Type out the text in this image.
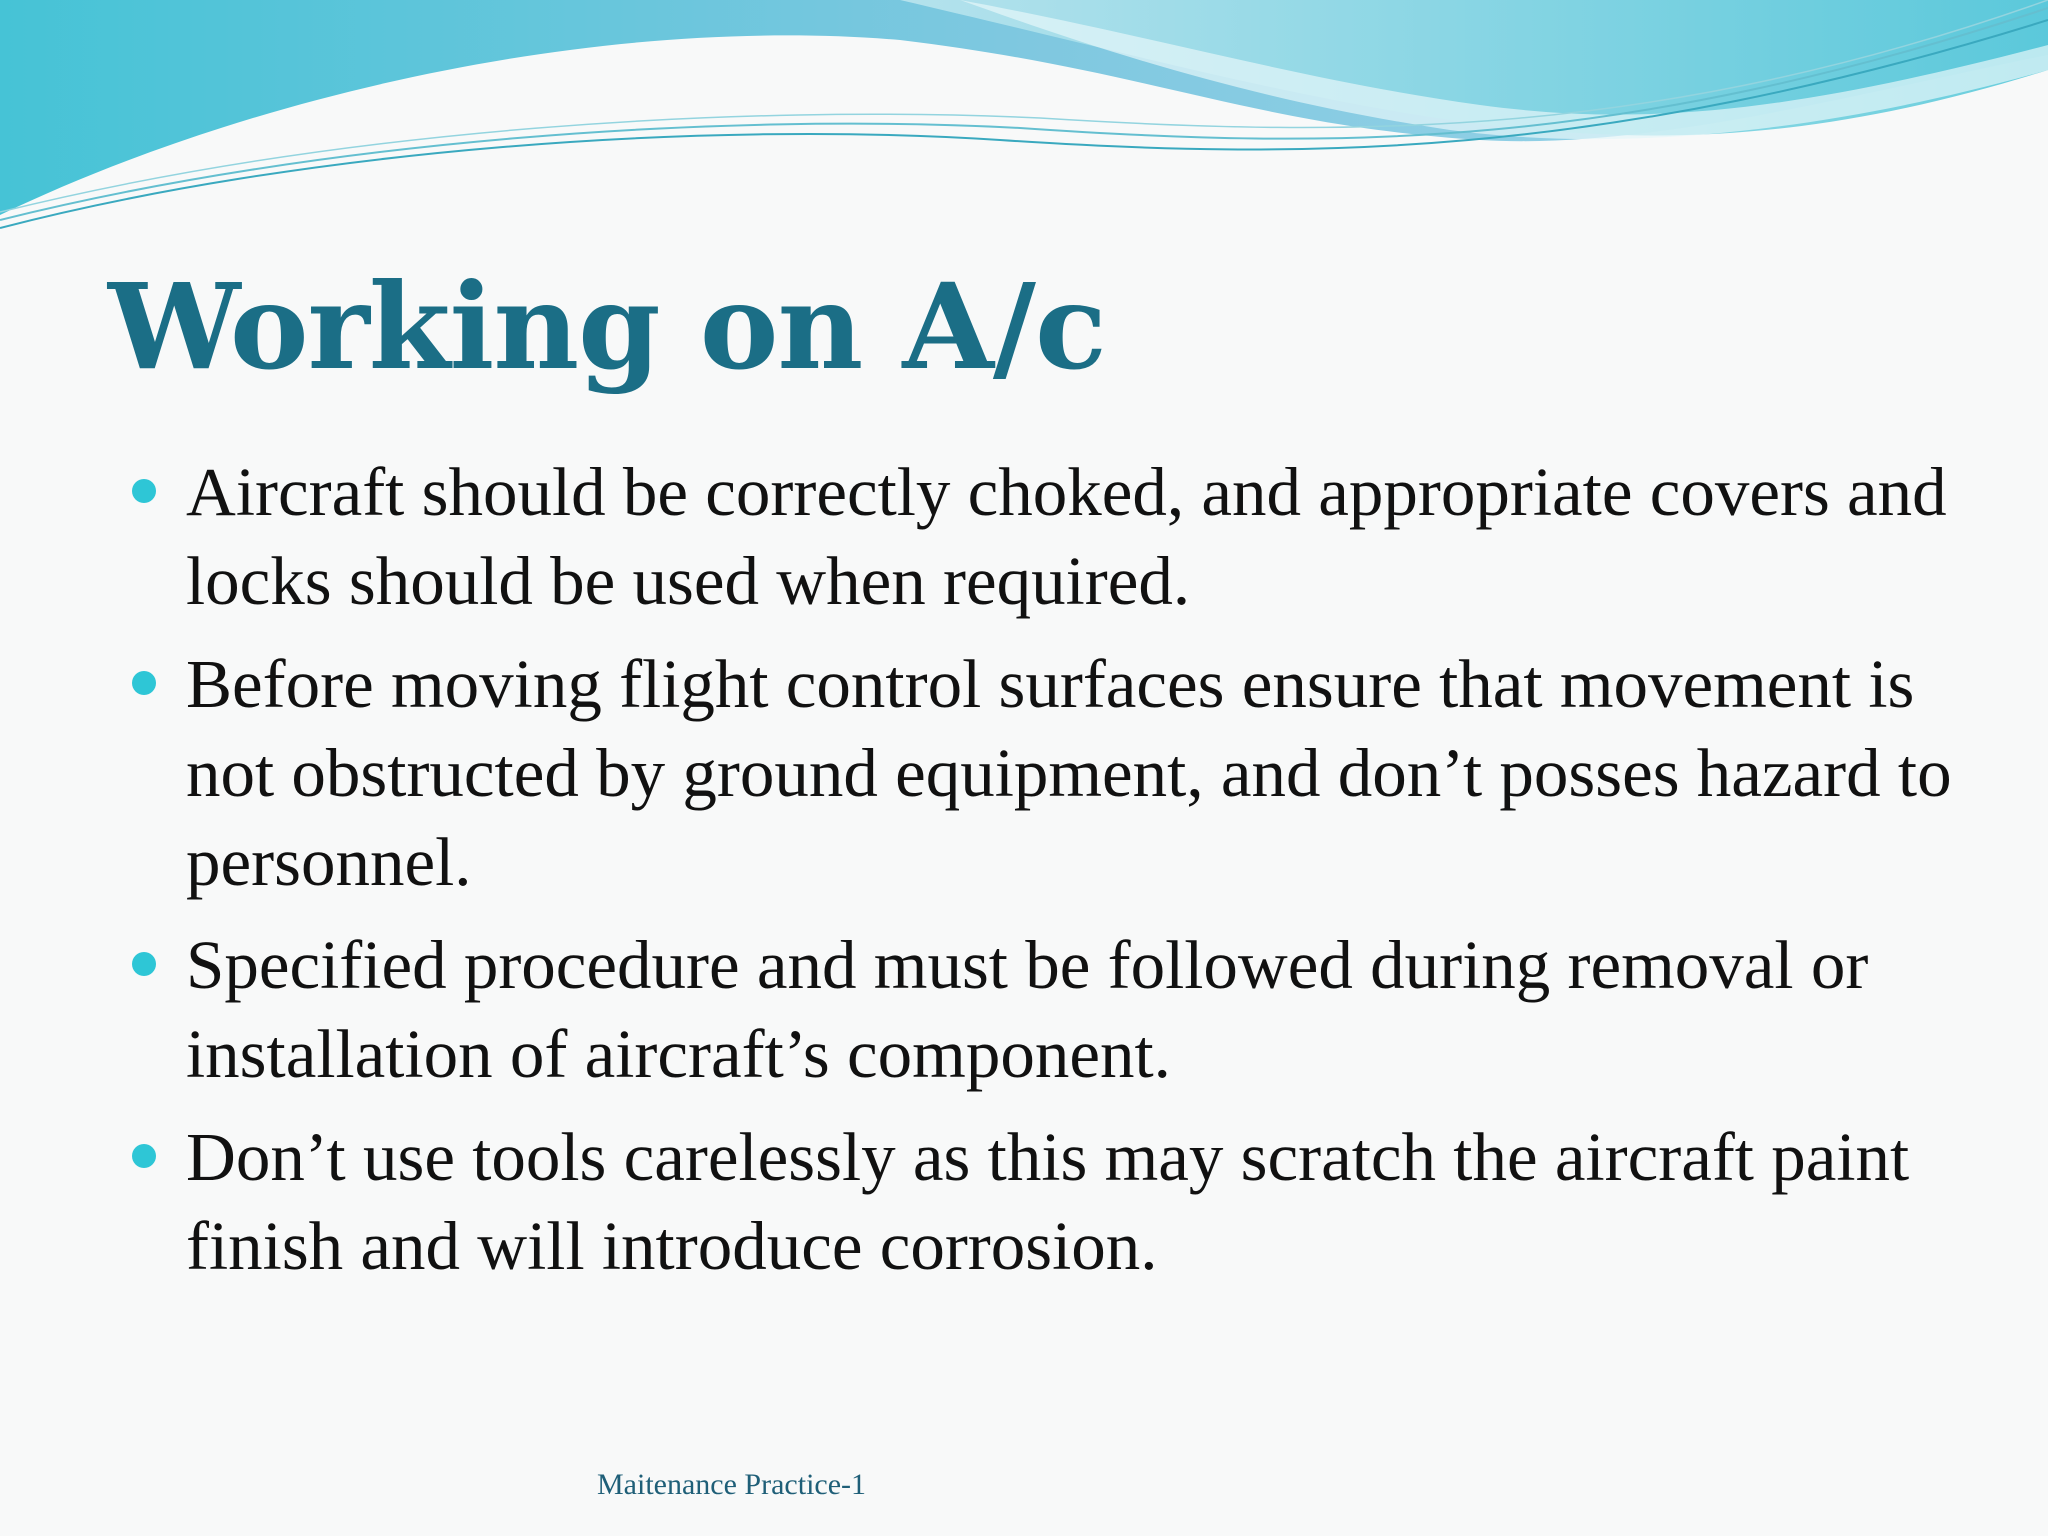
Working on A/c
Aircraft should be correctly choked, and appropriate covers and locks should be used when required.
Before moving flight control surfaces ensure that movement is not obstructed by ground equipment, and don’t posses hazard to personnel.
Specified procedure and must be followed during removal or installation of aircraft’s component.
Don’t use tools carelessly as this may scratch the aircraft paint finish and will introduce corrosion.

Maitenance Practice-1
